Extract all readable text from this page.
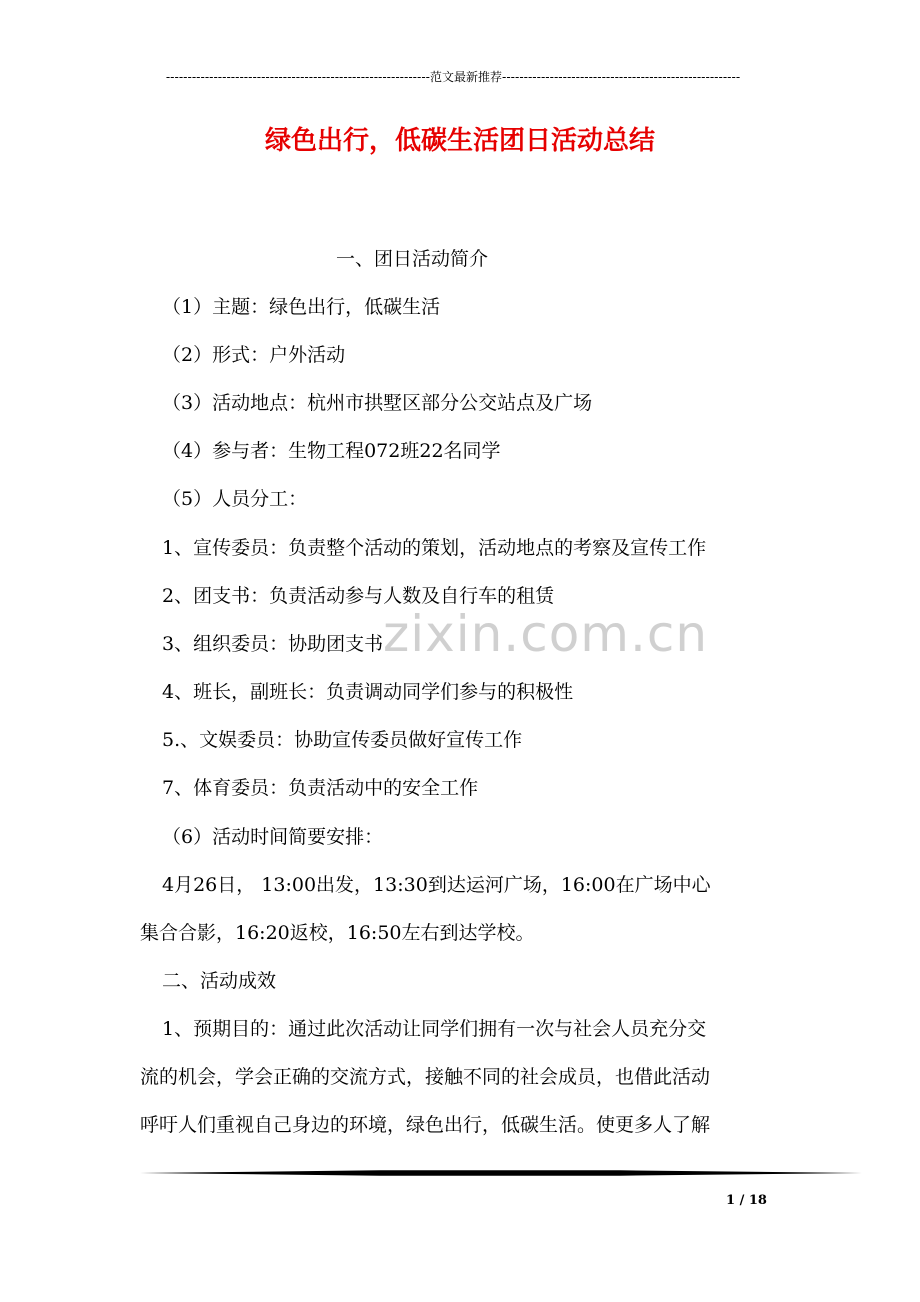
-------------------------------------------------------------范文最新推荐-------------------------------------------------------
绿色出行，低碳生活团日活动总结
zixin.com.cn
一、团日活动简介
（1）主题：绿色出行，低碳生活
（2）形式：户外活动
（3）活动地点：杭州市拱墅区部分公交站点及广场
（4）参与者：生物工程072班22名同学
（5）人员分工：
1、宣传委员：负责整个活动的策划，活动地点的考察及宣传工作
2、团支书：负责活动参与人数及自行车的租赁
3、组织委员：协助团支书
4、班长，副班长：负责调动同学们参与的积极性
5.、文娱委员：协助宣传委员做好宣传工作
7、体育委员：负责活动中的安全工作
（6）活动时间简要安排：
4月26日， 13:00出发，13:30到达运河广场，16:00在广场中心
集合合影，16:20返校，16:50左右到达学校。
二、活动成效
1、预期目的：通过此次活动让同学们拥有一次与社会人员充分交
流的机会，学会正确的交流方式，接触不同的社会成员，也借此活动
呼吁人们重视自己身边的环境，绿色出行，低碳生活。使更多人了解
1 / 18
